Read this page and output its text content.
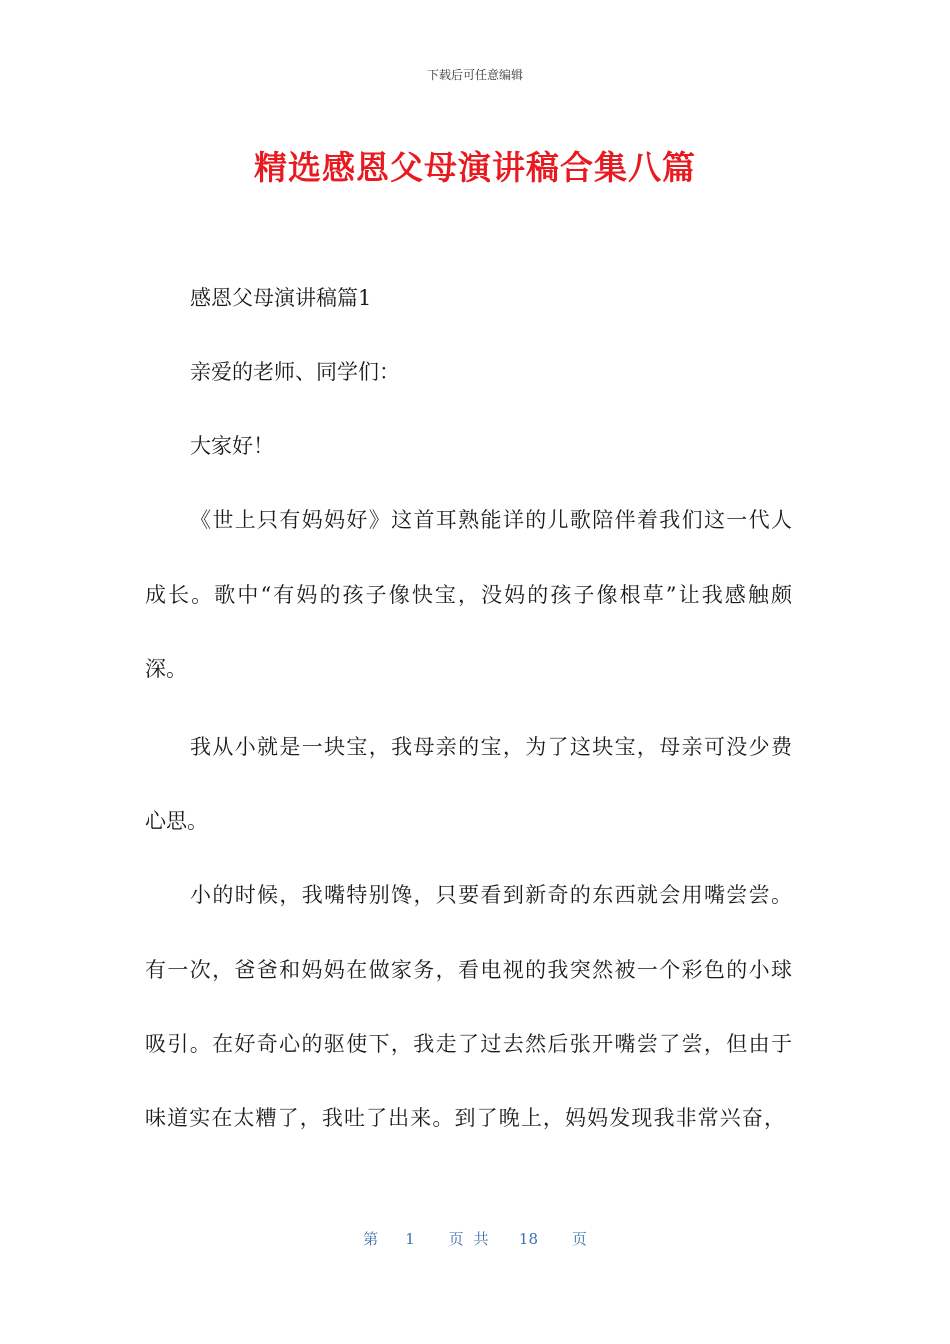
下载后可任意编辑
精选感恩父母演讲稿合集八篇
感恩父母演讲稿篇1
亲爱的老师、同学们：
大家好！
《世上只有妈妈好》这首耳熟能详的儿歌陪伴着我们这一代人
成长。歌中“有妈的孩子像快宝，没妈的孩子像根草”让我感触颇
深。
我从小就是一块宝，我母亲的宝，为了这块宝，母亲可没少费
心思。
小的时候，我嘴特别馋，只要看到新奇的东西就会用嘴尝尝。
有一次，爸爸和妈妈在做家务，看电视的我突然被一个彩色的小球
吸引。在好奇心的驱使下，我走了过去然后张开嘴尝了尝，但由于
味道实在太糟了，我吐了出来。到了晚上，妈妈发现我非常兴奋，
第 1 页共 18 页
